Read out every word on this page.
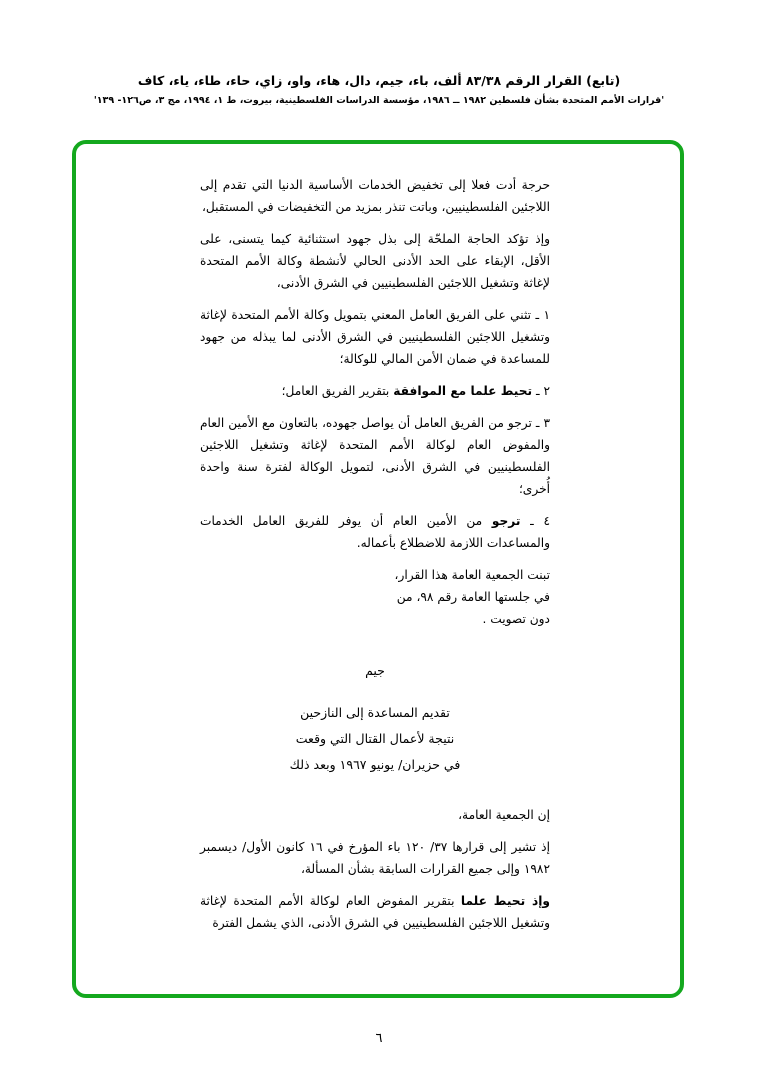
(تابع) القرار الرقم ٨٣/٣٨ ألف، باء، جيم، دال، هاء، واو، زاي، حاء، طاء، ياء، كاف
'قرارات الأمم المتحدة بشأن فلسطين ١٩٨٢ ــ ١٩٨٦، مؤسسة الدراسات الفلسطينية، بيروت، ط ١، ١٩٩٤، مج ٣، ص١٢٦- ١٣٩'

حرجة أدت فعلا إلى تخفيض الخدمات الأساسية الدنيا التي تقدم إلى اللاجئين الفلسطينيين، وباتت تنذر بمزيد من التخفيضات في المستقبل،

وإذ تؤكد الحاجة الملحّة إلى بذل جهود استثنائية كيما يتسنى، على الأقل، الإبقاء على الحد الأدنى الحالي لأنشطة وكالة الأمم المتحدة لإغاثة وتشغيل اللاجئين الفلسطينيين في الشرق الأدنى،

١ ـ تثني على الفريق العامل المعني بتمويل وكالة الأمم المتحدة لإغاثة وتشغيل اللاجئين الفلسطينيين في الشرق الأدنى لما يبذله من جهود للمساعدة في ضمان الأمن المالي للوكالة؛

٢ ـ تحيط علما مع الموافقة بتقرير الفريق العامل؛

٣ ـ ترجو من الفريق العامل أن يواصل جهوده، بالتعاون مع الأمين العام والمفوض العام لوكالة الأمم المتحدة لإغاثة وتشغيل اللاجئين الفلسطينيين في الشرق الأدنى، لتمويل الوكالة لفترة سنة واحدة أُخرى؛

٤ ـ ترجو من الأمين العام أن يوفر للفريق العامل الخدمات والمساعدات اللازمة للاضطلاع بأعماله.

تبنت الجمعية العامة هذا القرار،

في جلستها العامة رقم ٩٨، من

دون تصويت .

جيم
تقديم المساعدة إلى النازحين
نتيجة لأعمال القتال التي وقعت
في حزيران/ يونيو ١٩٦٧ وبعد ذلك

إن الجمعية العامة،

إذ تشير إلى قرارها ٣٧/ ١٢٠ باء المؤرخ في ١٦ كانون الأول/ ديسمبر ١٩٨٢ وإلى جميع القرارات السابقة بشأن المسألة،

وإذ تحيط علما بتقرير المفوض العام لوكالة الأمم المتحدة لإغاثة وتشغيل اللاجئين الفلسطينيين في الشرق الأدنى، الذي يشمل الفترة

٦
